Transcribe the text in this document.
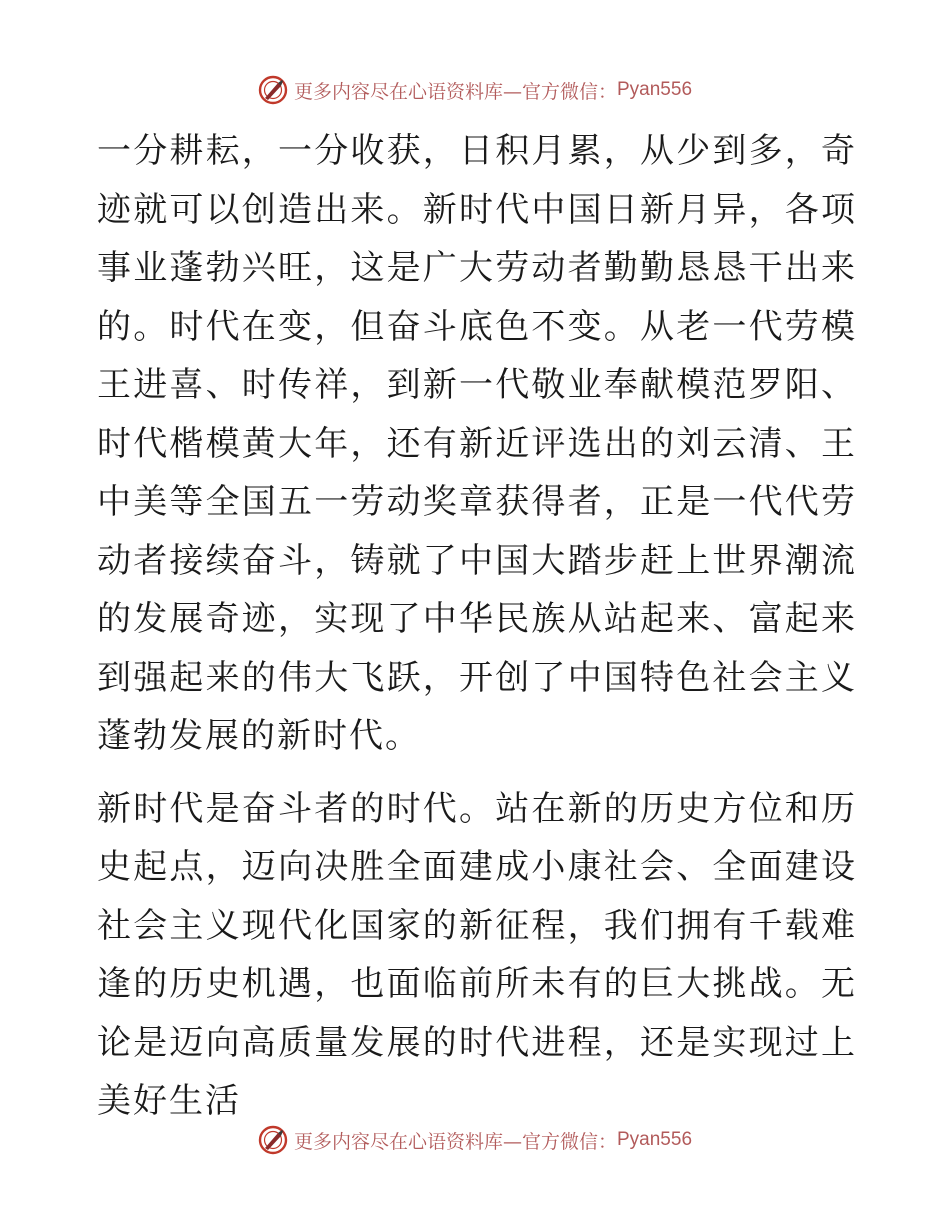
更多内容尽在心语资料库—官方微信： Pyan556

一分耕耘，一分收获，日积月累，从少到多，奇迹就可以创造出来。新时代中国日新月异，各项事业蓬勃兴旺，这是广大劳动者勤勤恳恳干出来的。时代在变，但奋斗底色不变。从老一代劳模王进喜、时传祥，到新一代敬业奉献模范罗阳、时代楷模黄大年，还有新近评选出的刘云清、王中美等全国五一劳动奖章获得者，正是一代代劳动者接续奋斗，铸就了中国大踏步赶上世界潮流的发展奇迹，实现了中华民族从站起来、富起来到强起来的伟大飞跃，开创了中国特色社会主义蓬勃发展的新时代。

新时代是奋斗者的时代。站在新的历史方位和历史起点，迈向决胜全面建成小康社会、全面建设社会主义现代化国家的新征程，我们拥有千载难逢的历史机遇，也面临前所未有的巨大挑战。无论是迈向高质量发展的时代进程，还是实现过上美好生活

更多内容尽在心语资料库—官方微信： Pyan556
